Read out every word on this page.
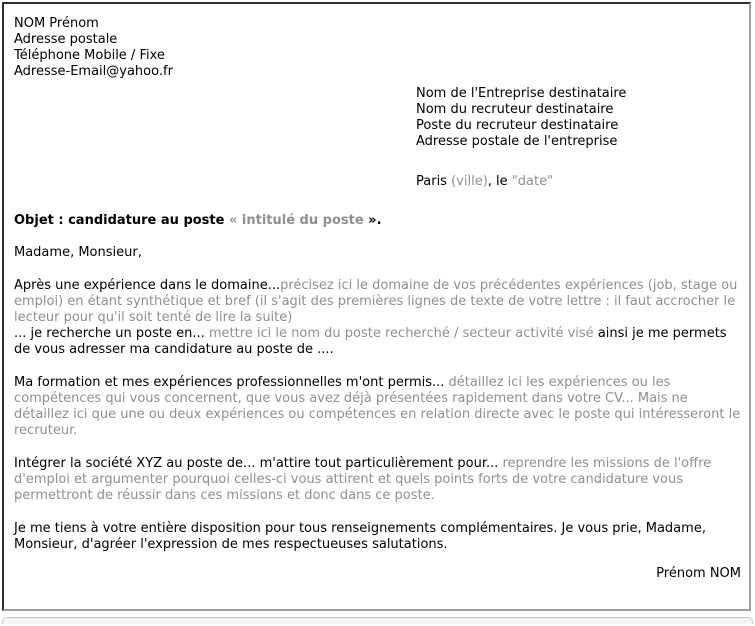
NOM Prénom
Adresse postale
Téléphone Mobile / Fixe
Adresse-Email@yahoo.fr
Nom de l'Entreprise destinataire
Nom du recruteur destinataire
Poste du recruteur destinataire
Adresse postale de l'entreprise
Paris (ville), le "date"
Objet : candidature au poste « intitulé du poste ».
Madame, Monsieur,
Après une expérience dans le domaine...précisez ici le domaine de vos précédentes expériences (job, stage ou emploi) en étant synthétique et bref (il s'agit des premières lignes de texte de votre lettre : il faut accrocher le lecteur pour qu'il soit tenté de lire la suite)
... je recherche un poste en... mettre ici le nom du poste recherché / secteur activité visé ainsi je me permets de vous adresser ma candidature au poste de ....
Ma formation et mes expériences professionnelles m'ont permis... détaillez ici les expériences ou les compétences qui vous concernent, que vous avez déjà présentées rapidement dans votre CV... Mais ne détaillez ici que une ou deux expériences ou compétences en relation directe avec le poste qui intéresseront le recruteur.
Intégrer la société XYZ au poste de... m'attire tout particulièrement pour... reprendre les missions de l'offre d'emploi et argumenter pourquoi celles-ci vous attirent et quels points forts de votre candidature vous permettront de réussir dans ces missions et donc dans ce poste.
Je me tiens à votre entière disposition pour tous renseignements complémentaires. Je vous prie, Madame, Monsieur, d'agréer l'expression de mes respectueuses salutations.
Prénom NOM
